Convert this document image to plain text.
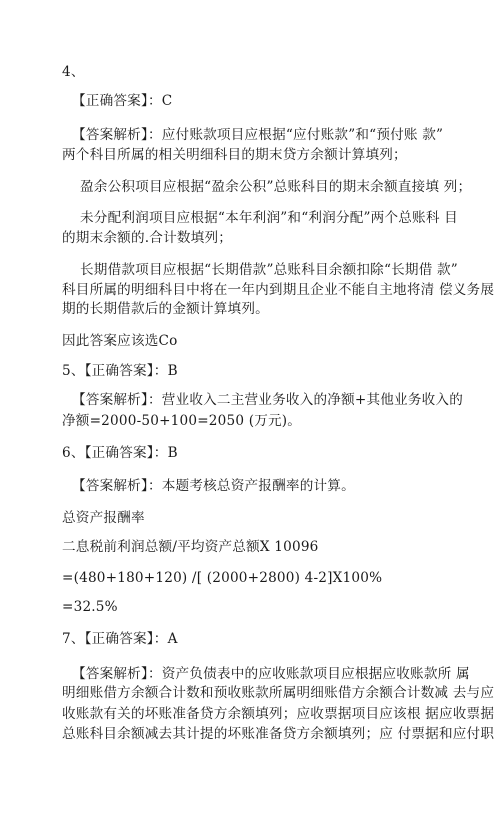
4、
【正确答案】：C
【答案解析】：应付账款项目应根据“应付账款”和“预付账 款”
两个科目所属的相关明细科目的期末贷方余额计算填列；
盈余公积项目应根据“盈余公积”总账科目的期末余额直接填 列；
未分配利润项目应根据“本年利润”和“利润分配”两个总账科 目
的期末余额的.合计数填列；
长期借款项目应根据“长期借款”总账科目余额扣除“长期借 款”
科目所属的明细科目中将在一年内到期且企业不能自主地将清 偿义务展
期的长期借款后的金额计算填列。
因此答案应该选Co
5、【正确答案】：B
【答案解析】：营业收入二主营业务收入的净额+其他业务收入的
净额=2000-50+100=2050 (万元)。
6、【正确答案】：B
【答案解析】：本题考核总资产报酬率的计算。
总资产报酬率
二息税前利润总额/平均资产总额X 10096
=(480+180+120) /[ (2000+2800) 4-2]X100%
=32.5%
7、【正确答案】：A
【答案解析】：资产负债表中的应收账款项目应根据应收账款所 属
明细账借方余额合计数和预收账款所属明细账借方余额合计数减 去与应
收账款有关的坏账准备贷方余额填列；应收票据项目应该根 据应收票据
总账科目余额减去其计提的坏账准备贷方余额填列；应 付票据和应付职
